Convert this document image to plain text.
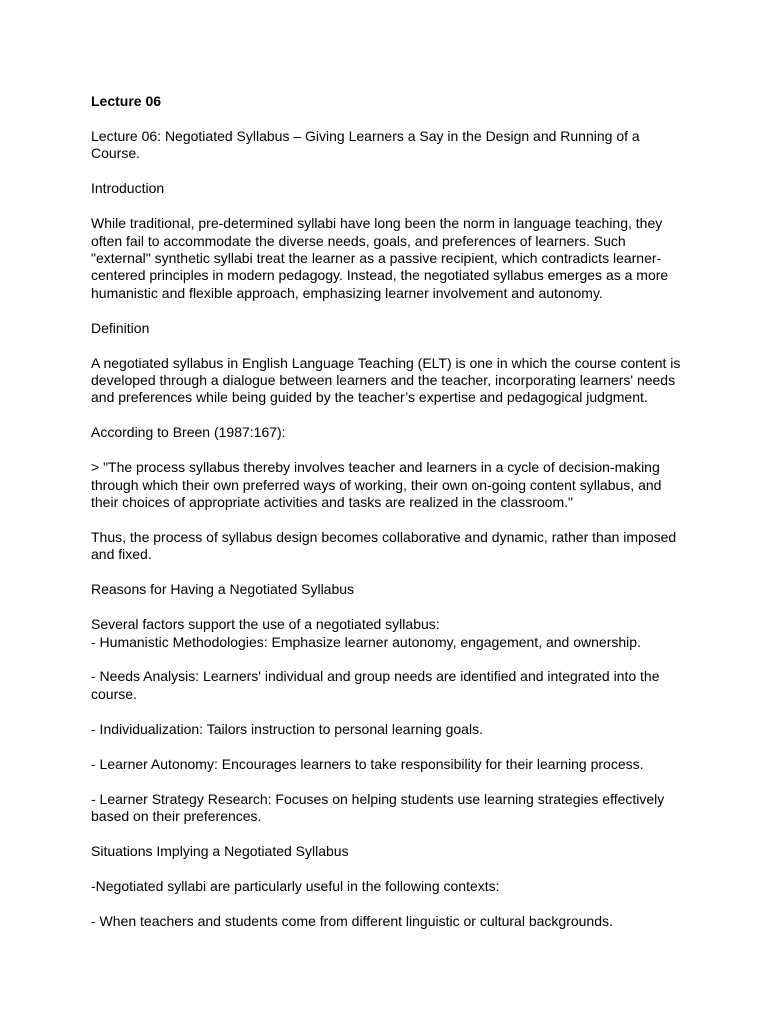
Lecture 06

Lecture 06: Negotiated Syllabus – Giving Learners a Say in the Design and Running of a Course.

Introduction

While traditional, pre-determined syllabi have long been the norm in language teaching, they often fail to accommodate the diverse needs, goals, and preferences of learners. Such "external" synthetic syllabi treat the learner as a passive recipient, which contradicts learner-centered principles in modern pedagogy. Instead, the negotiated syllabus emerges as a more humanistic and flexible approach, emphasizing learner involvement and autonomy.

Definition

A negotiated syllabus in English Language Teaching (ELT) is one in which the course content is developed through a dialogue between learners and the teacher, incorporating learners' needs and preferences while being guided by the teacher’s expertise and pedagogical judgment.

According to Breen (1987:167):

> "The process syllabus thereby involves teacher and learners in a cycle of decision-making through which their own preferred ways of working, their own on-going content syllabus, and their choices of appropriate activities and tasks are realized in the classroom."

Thus, the process of syllabus design becomes collaborative and dynamic, rather than imposed and fixed.

Reasons for Having a Negotiated Syllabus

Several factors support the use of a negotiated syllabus:

- Humanistic Methodologies: Emphasize learner autonomy, engagement, and ownership.

- Needs Analysis: Learners' individual and group needs are identified and integrated into the course.

- Individualization: Tailors instruction to personal learning goals.

- Learner Autonomy: Encourages learners to take responsibility for their learning process.

- Learner Strategy Research: Focuses on helping students use learning strategies effectively based on their preferences.

Situations Implying a Negotiated Syllabus

-Negotiated syllabi are particularly useful in the following contexts:

- When teachers and students come from different linguistic or cultural backgrounds.
